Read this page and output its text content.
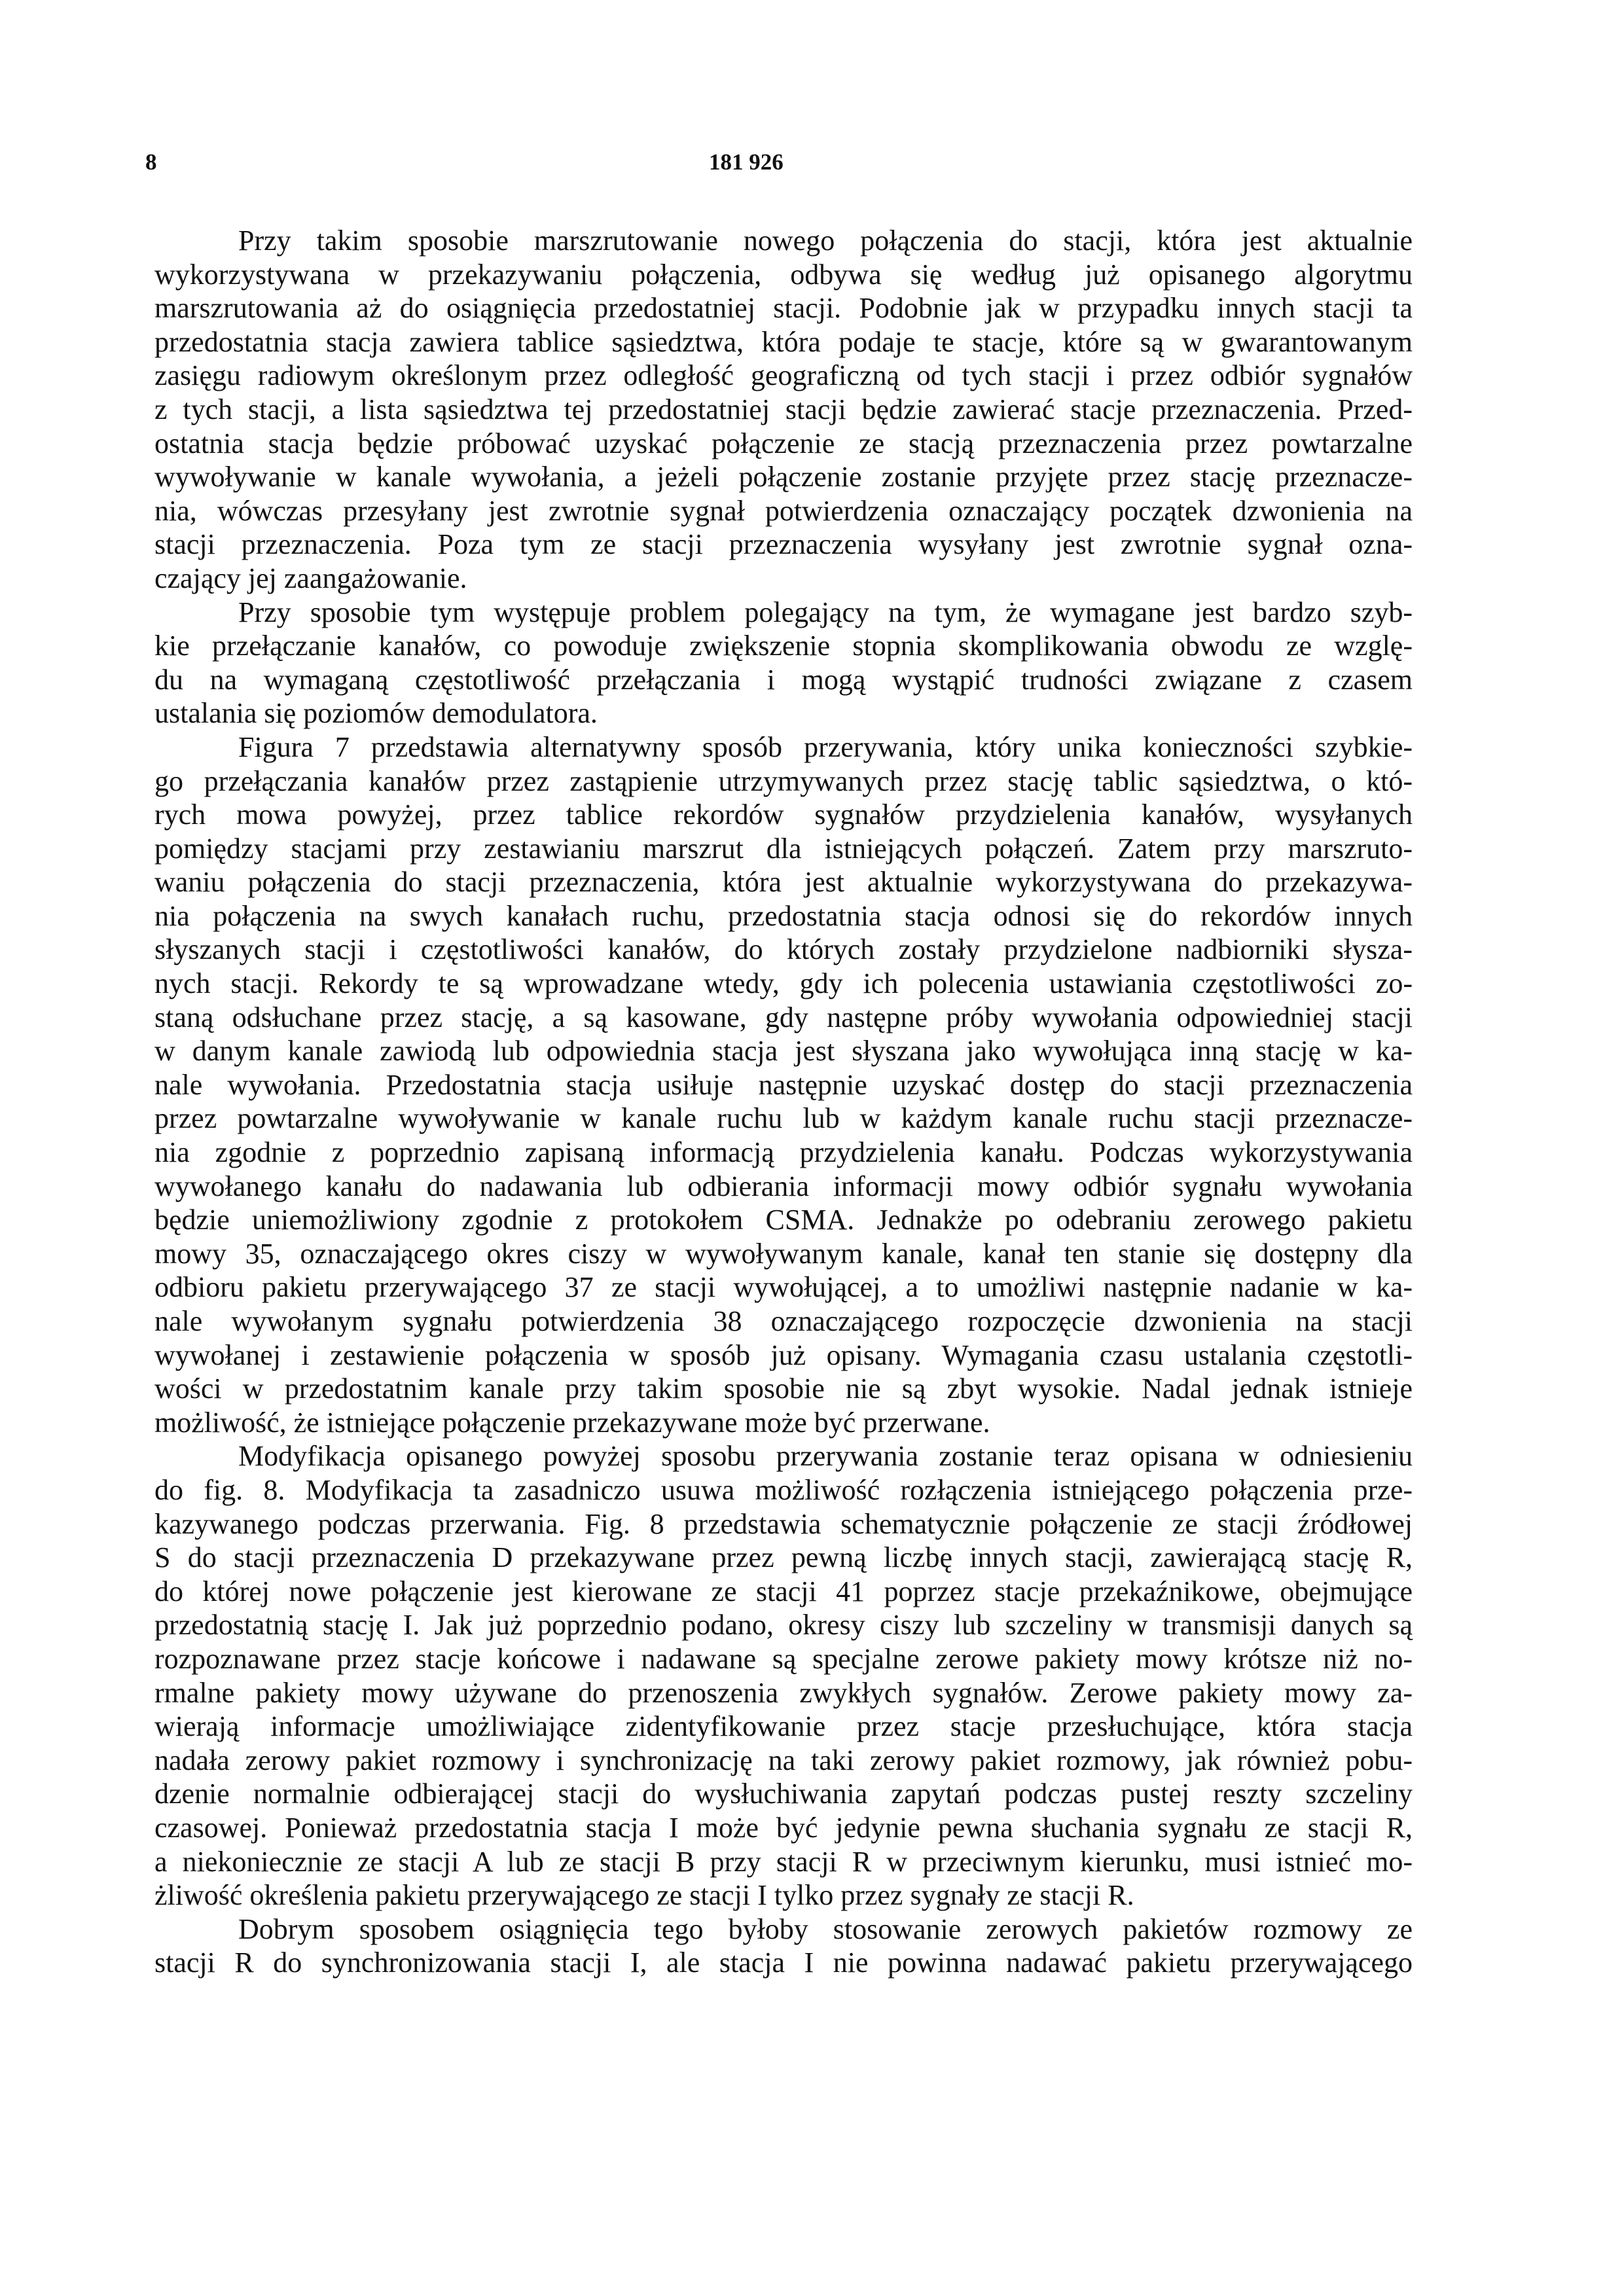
8	181 926
Przy takim sposobie marszrutowanie nowego połączenia do stacji, która jest aktualnie
wykorzystywana w przekazywaniu połączenia, odbywa się według już opisanego algorytmu
marszrutowania aż do osiągnięcia przedostatniej stacji. Podobnie jak w przypadku innych stacji ta
przedostatnia stacja zawiera tablice sąsiedztwa, która podaje te stacje, które są w gwarantowanym
zasięgu radiowym określonym przez odległość geograficzną od tych stacji i przez odbiór sygnałów
z tych stacji, a lista sąsiedztwa tej przedostatniej stacji będzie zawierać stacje przeznaczenia. Przed-
ostatnia stacja będzie próbować uzyskać połączenie ze stacją przeznaczenia przez powtarzalne
wywoływanie w kanale wywołania, a jeżeli połączenie zostanie przyjęte przez stację przeznacze-
nia, wówczas przesyłany jest zwrotnie sygnał potwierdzenia oznaczający początek dzwonienia na
stacji przeznaczenia. Poza tym ze stacji przeznaczenia wysyłany jest zwrotnie sygnał ozna-
czający jej zaangażowanie.
Przy sposobie tym występuje problem polegający na tym, że wymagane jest bardzo szyb-
kie przełączanie kanałów, co powoduje zwiększenie stopnia skomplikowania obwodu ze wzglę-
du na wymaganą częstotliwość przełączania i mogą wystąpić trudności związane z czasem
ustalania się poziomów demodulatora.
Figura 7 przedstawia alternatywny sposób przerywania, który unika konieczności szybkie-
go przełączania kanałów przez zastąpienie utrzymywanych przez stację tablic sąsiedztwa, o któ-
rych mowa powyżej, przez tablice rekordów sygnałów przydzielenia kanałów, wysyłanych
pomiędzy stacjami przy zestawianiu marszrut dla istniejących połączeń. Zatem przy marszruto-
waniu połączenia do stacji przeznaczenia, która jest aktualnie wykorzystywana do przekazywa-
nia połączenia na swych kanałach ruchu, przedostatnia stacja odnosi się do rekordów innych
słyszanych stacji i częstotliwości kanałów, do których zostały przydzielone nadbiorniki słysza-
nych stacji. Rekordy te są wprowadzane wtedy, gdy ich polecenia ustawiania częstotliwości zo-
staną odsłuchane przez stację, a są kasowane, gdy następne próby wywołania odpowiedniej stacji
w danym kanale zawiodą lub odpowiednia stacja jest słyszana jako wywołująca inną stację w ka-
nale wywołania. Przedostatnia stacja usiłuje następnie uzyskać dostęp do stacji przeznaczenia
przez powtarzalne wywoływanie w kanale ruchu lub w każdym kanale ruchu stacji przeznacze-
nia zgodnie z poprzednio zapisaną informacją przydzielenia kanału. Podczas wykorzystywania
wywołanego kanału do nadawania lub odbierania informacji mowy odbiór sygnału wywołania
będzie uniemożliwiony zgodnie z protokołem CSMA. Jednakże po odebraniu zerowego pakietu
mowy 35, oznaczającego okres ciszy w wywoływanym kanale, kanał ten stanie się dostępny dla
odbioru pakietu przerywającego 37 ze stacji wywołującej, a to umożliwi następnie nadanie w ka-
nale wywołanym sygnału potwierdzenia 38 oznaczającego rozpoczęcie dzwonienia na stacji
wywołanej i zestawienie połączenia w sposób już opisany. Wymagania czasu ustalania częstotli-
wości w przedostatnim kanale przy takim sposobie nie są zbyt wysokie. Nadal jednak istnieje
możliwość, że istniejące połączenie przekazywane może być przerwane.
Modyfikacja opisanego powyżej sposobu przerywania zostanie teraz opisana w odniesieniu
do fig. 8. Modyfikacja ta zasadniczo usuwa możliwość rozłączenia istniejącego połączenia prze-
kazywanego podczas przerwania. Fig. 8 przedstawia schematycznie połączenie ze stacji źródłowej
S do stacji przeznaczenia D przekazywane przez pewną liczbę innych stacji, zawierającą stację R,
do której nowe połączenie jest kierowane ze stacji 41 poprzez stacje przekaźnikowe, obejmujące
przedostatnią stację I. Jak już poprzednio podano, okresy ciszy lub szczeliny w transmisji danych są
rozpoznawane przez stacje końcowe i nadawane są specjalne zerowe pakiety mowy krótsze niż no-
rmalne pakiety mowy używane do przenoszenia zwykłych sygnałów. Zerowe pakiety mowy za-
wierają informacje umożliwiające zidentyfikowanie przez stacje przesłuchujące, która stacja
nadała zerowy pakiet rozmowy i synchronizację na taki zerowy pakiet rozmowy, jak również pobu-
dzenie normalnie odbierającej stacji do wysłuchiwania zapytań podczas pustej reszty szczeliny
czasowej. Ponieważ przedostatnia stacja I może być jedynie pewna słuchania sygnału ze stacji R,
a niekoniecznie ze stacji A lub ze stacji B przy stacji R w przeciwnym kierunku, musi istnieć mo-
żliwość określenia pakietu przerywającego ze stacji I tylko przez sygnały ze stacji R.
Dobrym sposobem osiągnięcia tego byłoby stosowanie zerowych pakietów rozmowy ze
stacji R do synchronizowania stacji I, ale stacja I nie powinna nadawać pakietu przerywającego
